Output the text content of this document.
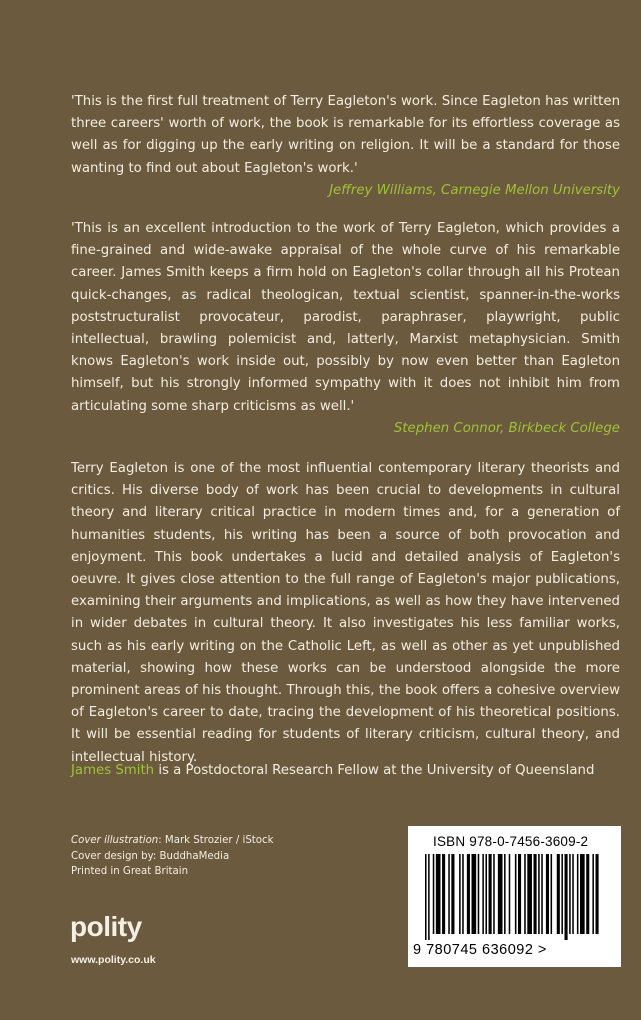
'This is the first full treatment of Terry Eagleton's work. Since Eagleton has written three careers' worth of work, the book is remarkable for its effortless coverage as well as for digging up the early writing on religion. It will be a standard for those wanting to find out about Eagleton's work.'

Jeffrey Williams, Carnegie Mellon University

'This is an excellent introduction to the work of Terry Eagleton, which provides a fine-grained and wide-awake appraisal of the whole curve of his remarkable career. James Smith keeps a firm hold on Eagleton's collar through all his Protean quick-changes, as radical theologican, textual scientist, spanner-in-the-works poststructuralist provocateur, parodist, paraphraser, playwright, public intellectual, brawling polemicist and, latterly, Marxist metaphysician. Smith knows Eagleton's work inside out, possibly by now even better than Eagleton himself, but his strongly informed sympathy with it does not inhibit him from articulating some sharp criticisms as well.'

Stephen Connor, Birkbeck College

Terry Eagleton is one of the most influential contemporary literary theorists and critics. His diverse body of work has been crucial to developments in cultural theory and literary critical practice in modern times and, for a generation of humanities students, his writing has been a source of both provocation and enjoyment. This book undertakes a lucid and detailed analysis of Eagleton's oeuvre. It gives close attention to the full range of Eagleton's major publications, examining their arguments and implications, as well as how they have intervened in wider debates in cultural theory. It also investigates his less familiar works, such as his early writing on the Catholic Left, as well as other as yet unpublished material, showing how these works can be understood alongside the more prominent areas of his thought. Through this, the book offers a cohesive overview of Eagleton's career to date, tracing the development of his theoretical positions. It will be essential reading for students of literary criticism, cultural theory, and intellectual history.

James Smith is a Postdoctoral Research Fellow at the University of Queensland

Cover illustration: Mark Strozier / iStock
Cover design by: BuddhaMedia
Printed in Great Britain
polity
www.polity.co.uk
ISBN 978-0-7456-3609-2
9 780745 636092 >
